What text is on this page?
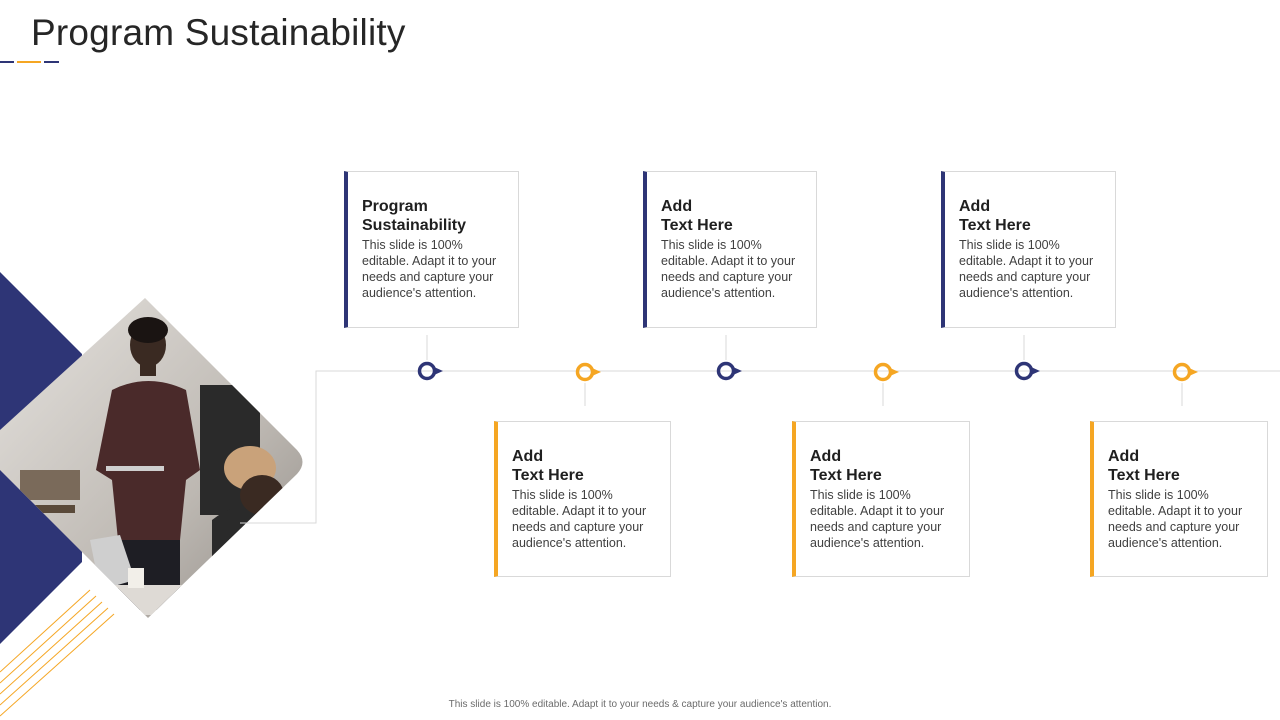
Program Sustainability
Program
Sustainability
This slide is 100% editable. Adapt it to your needs and capture your audience's attention.
Add
Text Here
This slide is 100% editable. Adapt it to your needs and capture your audience's attention.
Add
Text Here
This slide is 100% editable. Adapt it to your needs and capture your audience's attention.
Add
Text Here
This slide is 100% editable. Adapt it to your needs and capture your audience's attention.
Add
Text Here
This slide is 100% editable. Adapt it to your needs and capture your audience's attention.
Add
Text Here
This slide is 100% editable. Adapt it to your needs and capture your audience's attention.
This slide is 100% editable. Adapt it to your needs & capture your audience's attention.
